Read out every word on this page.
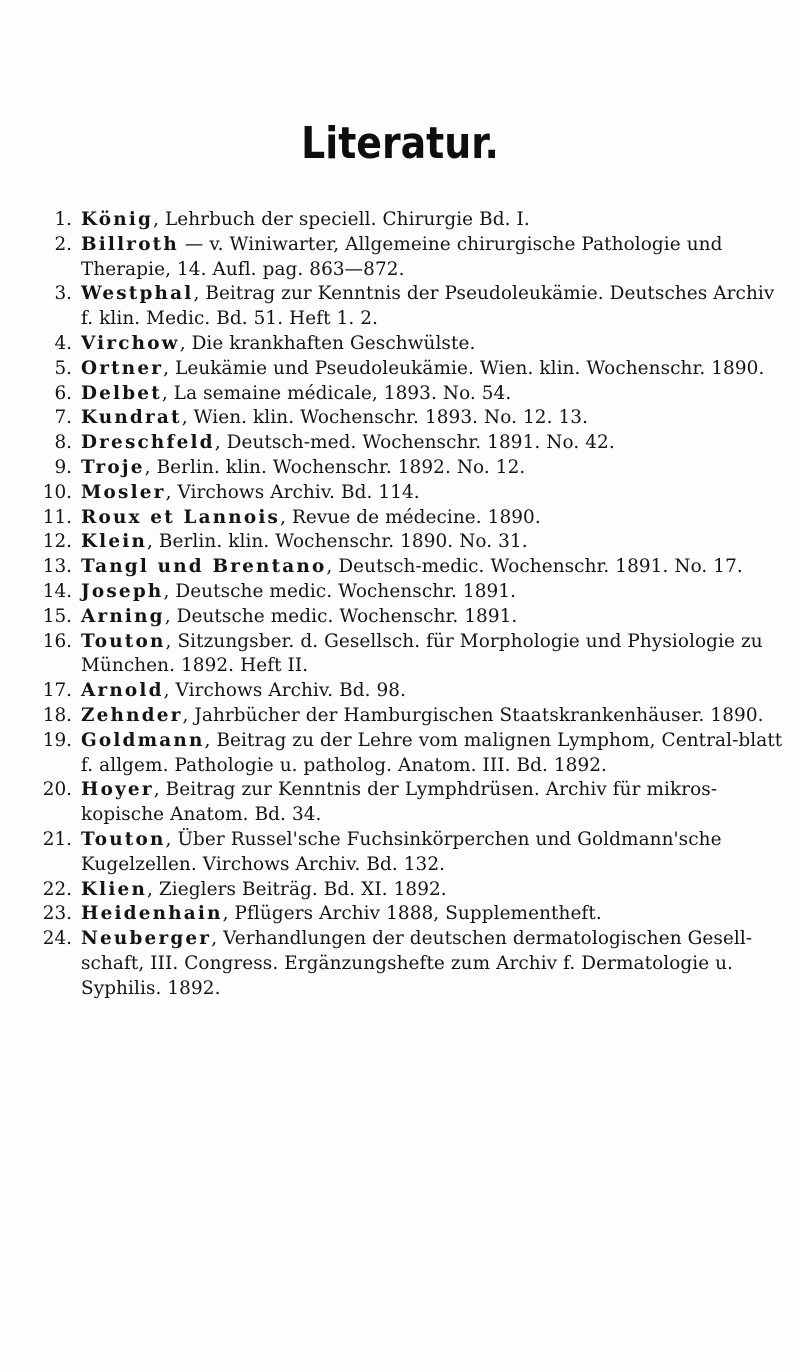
Literatur.
1. König, Lehrbuch der speciell. Chirurgie Bd. I.
2. Billroth — v. Winiwarter, Allgemeine chirurgische Pathologie und Therapie, 14. Aufl. pag. 863—872.
3. Westphal, Beitrag zur Kenntnis der Pseudoleukämie. Deutsches Archiv f. klin. Medic. Bd. 51. Heft 1. 2.
4. Virchow, Die krankhaften Geschwülste.
5. Ortner, Leukämie und Pseudoleukämie. Wien. klin. Wochenschr. 1890.
6. Delbet, La semaine médicale, 1893. No. 54.
7. Kundrat, Wien. klin. Wochenschr. 1893. No. 12. 13.
8. Dreschfeld, Deutsch-med. Wochenschr. 1891. No. 42.
9. Troje, Berlin. klin. Wochenschr. 1892. No. 12.
10. Mosler, Virchows Archiv. Bd. 114.
11. Roux et Lannois, Revue de médecine. 1890.
12. Klein, Berlin. klin. Wochenschr. 1890. No. 31.
13. Tangl und Brentano, Deutsch-medic. Wochenschr. 1891. No. 17.
14. Joseph, Deutsche medic. Wochenschr. 1891.
15. Arning, Deutsche medic. Wochenschr. 1891.
16. Touton, Sitzungsber. d. Gesellsch. für Morphologie und Physiologie zu München. 1892. Heft II.
17. Arnold, Virchows Archiv. Bd. 98.
18. Zehnder, Jahrbücher der Hamburgischen Staatskrankenhäuser. 1890.
19. Goldmann, Beitrag zu der Lehre vom malignen Lymphom, Central-blatt f. allgem. Pathologie u. patholog. Anatom. III. Bd. 1892.
20. Hoyer, Beitrag zur Kenntnis der Lymphdrüsen. Archiv für mikros-kopische Anatom. Bd. 34.
21. Touton, Über Russel'sche Fuchsinkörperchen und Goldmann'sche Kugelzellen. Virchows Archiv. Bd. 132.
22. Klien, Zieglers Beiträg. Bd. XI. 1892.
23. Heidenhain, Pflügers Archiv 1888, Supplementheft.
24. Neuberger, Verhandlungen der deutschen dermatologischen Gesell-schaft, III. Congress. Ergänzungshefte zum Archiv f. Dermatologie u. Syphilis. 1892.
